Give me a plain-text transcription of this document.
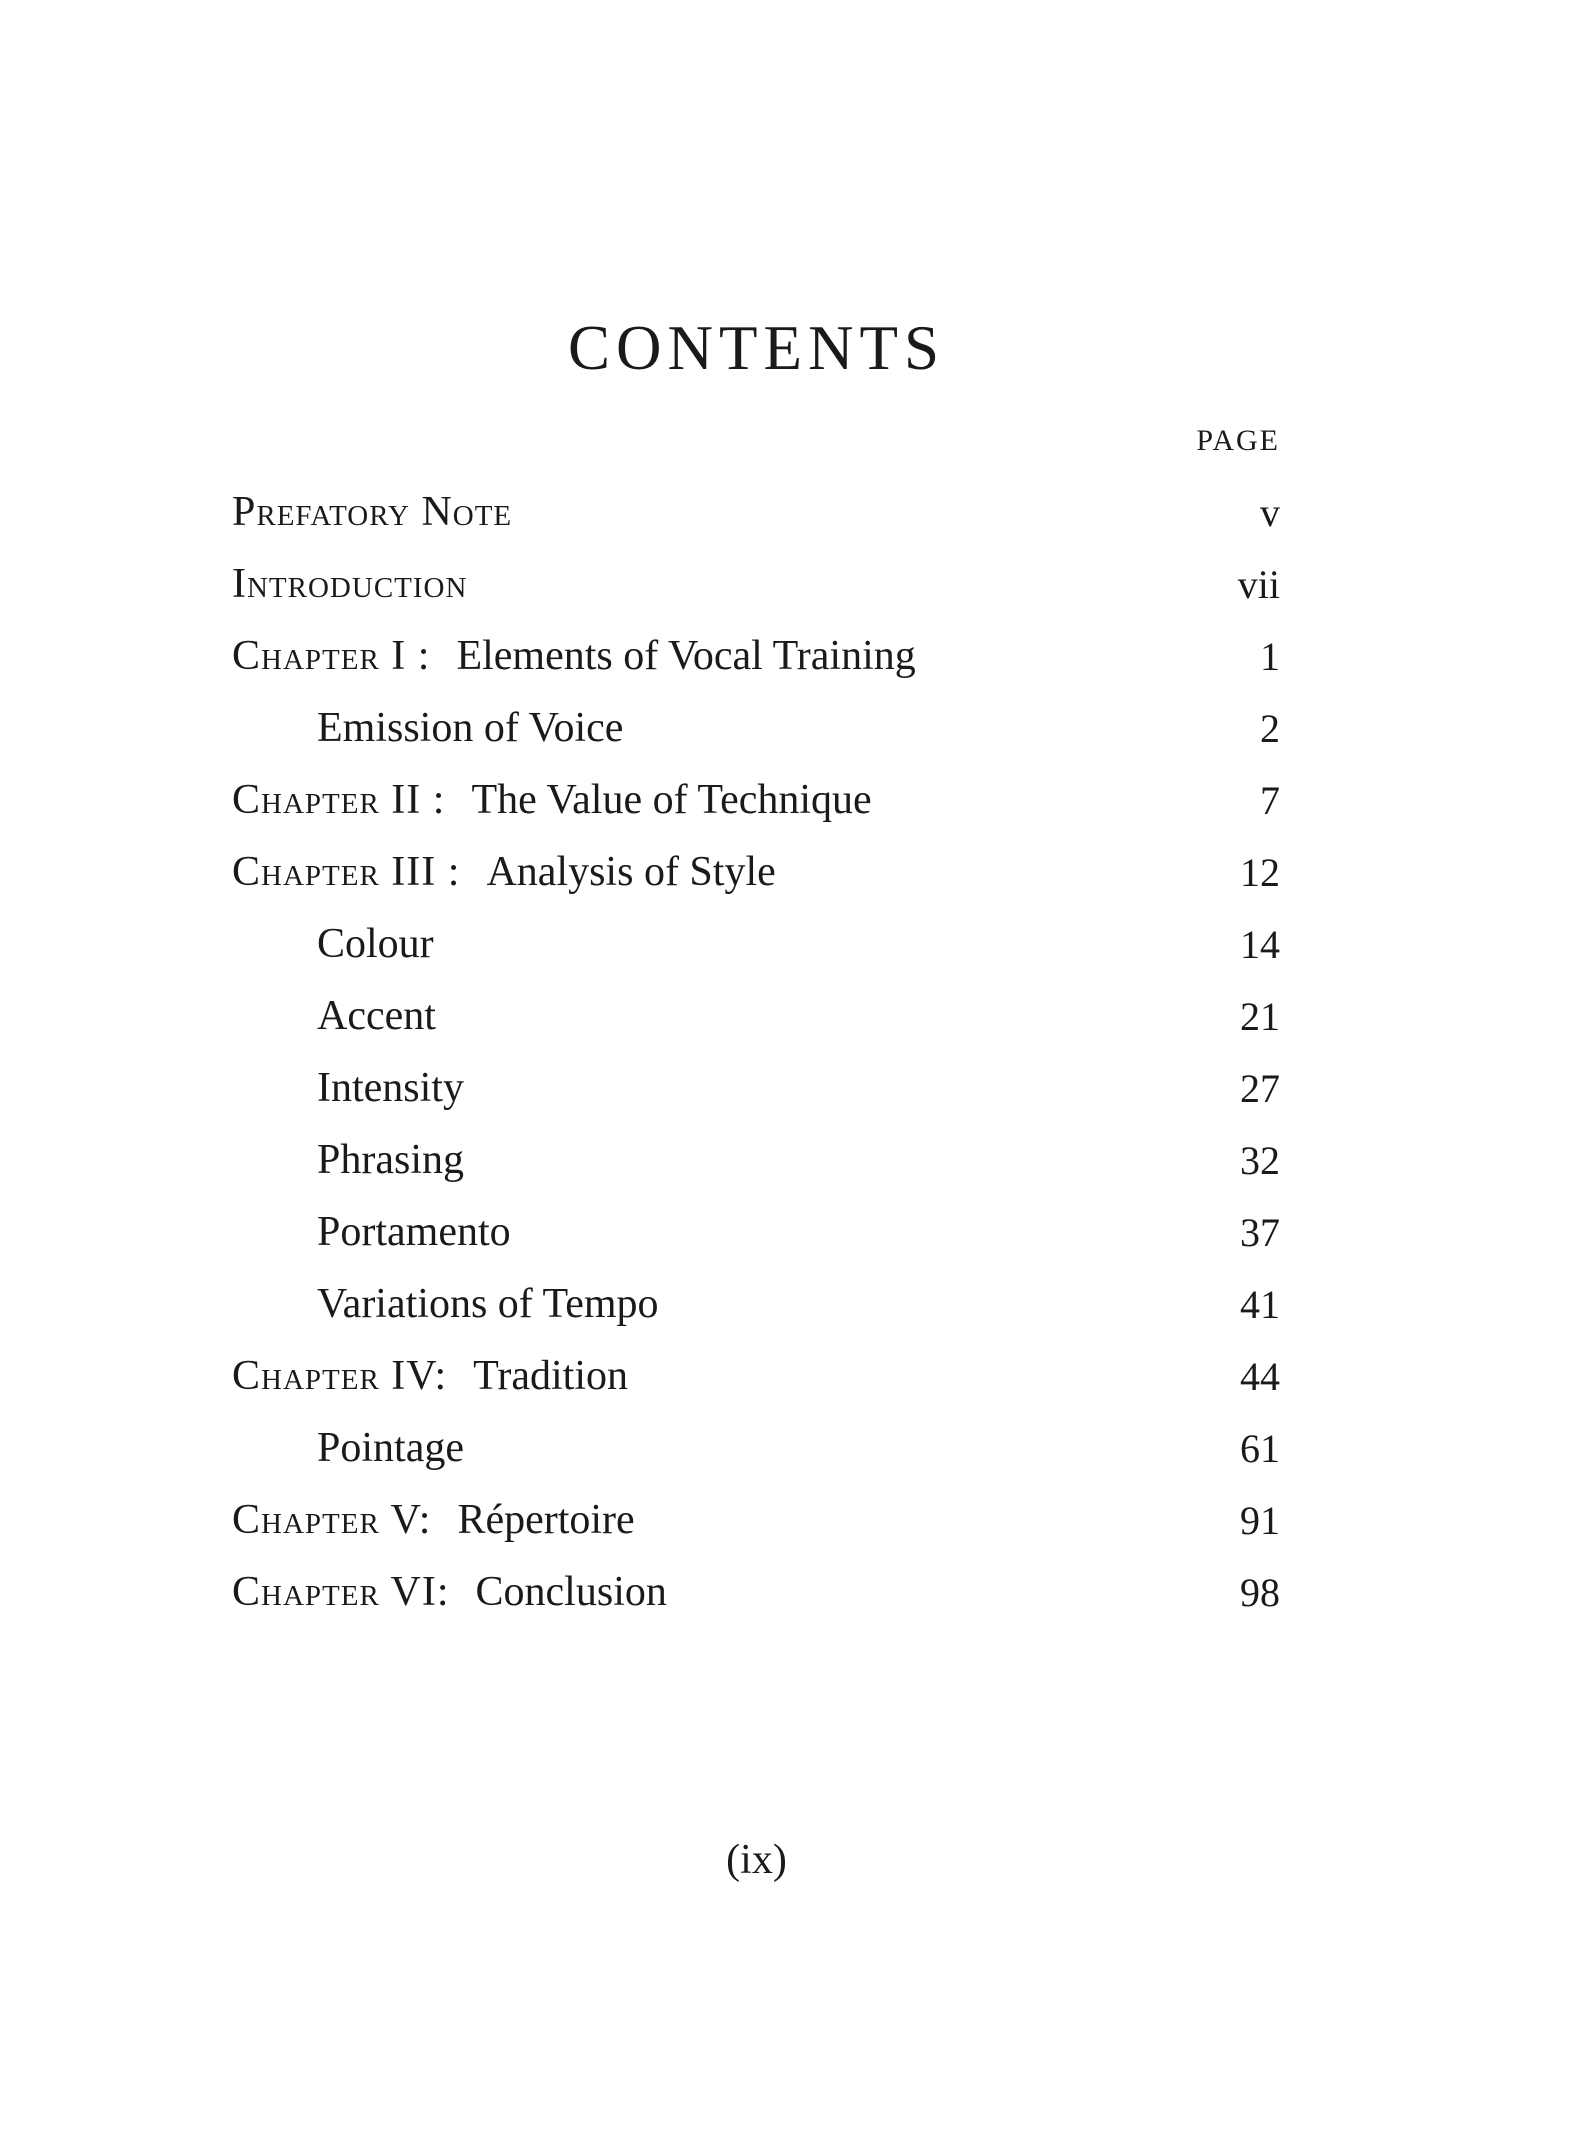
CONTENTS
PAGE
Prefatory Note	v
Introduction	vii
Chapter I : Elements of Vocal Training	1
Emission of Voice	2
Chapter II : The Value of Technique	7
Chapter III : Analysis of Style	12
Colour	14
Accent	21
Intensity	27
Phrasing	32
Portamento	37
Variations of Tempo	41
Chapter IV: Tradition	44
Pointage	61
Chapter V: Répertoire	91
Chapter VI: Conclusion	98
(ix)
